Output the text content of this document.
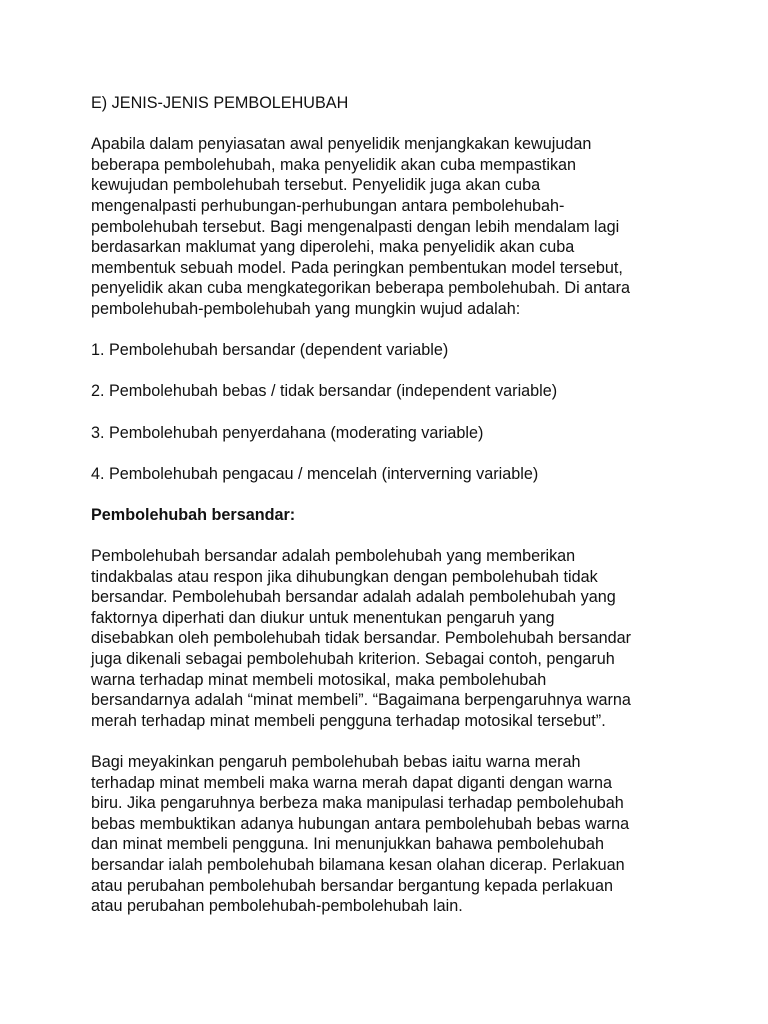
E) JENIS-JENIS PEMBOLEHUBAH
Apabila dalam penyiasatan awal penyelidik menjangkakan kewujudan
beberapa pembolehubah, maka penyelidik akan cuba mempastikan
kewujudan pembolehubah tersebut. Penyelidik juga akan cuba
mengenalpasti perhubungan-perhubungan antara pembolehubah-
pembolehubah tersebut. Bagi mengenalpasti dengan lebih mendalam lagi
berdasarkan maklumat yang diperolehi, maka penyelidik akan cuba
membentuk sebuah model. Pada peringkan pembentukan model tersebut,
penyelidik akan cuba mengkategorikan beberapa pembolehubah. Di antara
pembolehubah-pembolehubah yang mungkin wujud adalah:
1. Pembolehubah bersandar (dependent variable)
2. Pembolehubah bebas / tidak bersandar (independent variable)
3. Pembolehubah penyerdahana (moderating variable)
4. Pembolehubah pengacau / mencelah (interverning variable)
Pembolehubah bersandar:
Pembolehubah bersandar adalah pembolehubah yang memberikan
tindakbalas atau respon jika dihubungkan dengan pembolehubah tidak
bersandar. Pembolehubah bersandar adalah adalah pembolehubah yang
faktornya diperhati dan diukur untuk menentukan pengaruh yang
disebabkan oleh pembolehubah tidak bersandar. Pembolehubah bersandar
juga dikenali sebagai pembolehubah kriterion. Sebagai contoh, pengaruh
warna terhadap minat membeli motosikal, maka pembolehubah
bersandarnya adalah “minat membeli”. “Bagaimana berpengaruhnya warna
merah terhadap minat membeli pengguna terhadap motosikal tersebut”.
Bagi meyakinkan pengaruh pembolehubah bebas iaitu warna merah
terhadap minat membeli maka warna merah dapat diganti dengan warna
biru. Jika pengaruhnya berbeza maka manipulasi terhadap pembolehubah
bebas membuktikan adanya hubungan antara pembolehubah bebas warna
dan minat membeli pengguna. Ini menunjukkan bahawa pembolehubah
bersandar ialah pembolehubah bilamana kesan olahan dicerap. Perlakuan
atau perubahan pembolehubah bersandar bergantung kepada perlakuan
atau perubahan pembolehubah-pembolehubah lain.
